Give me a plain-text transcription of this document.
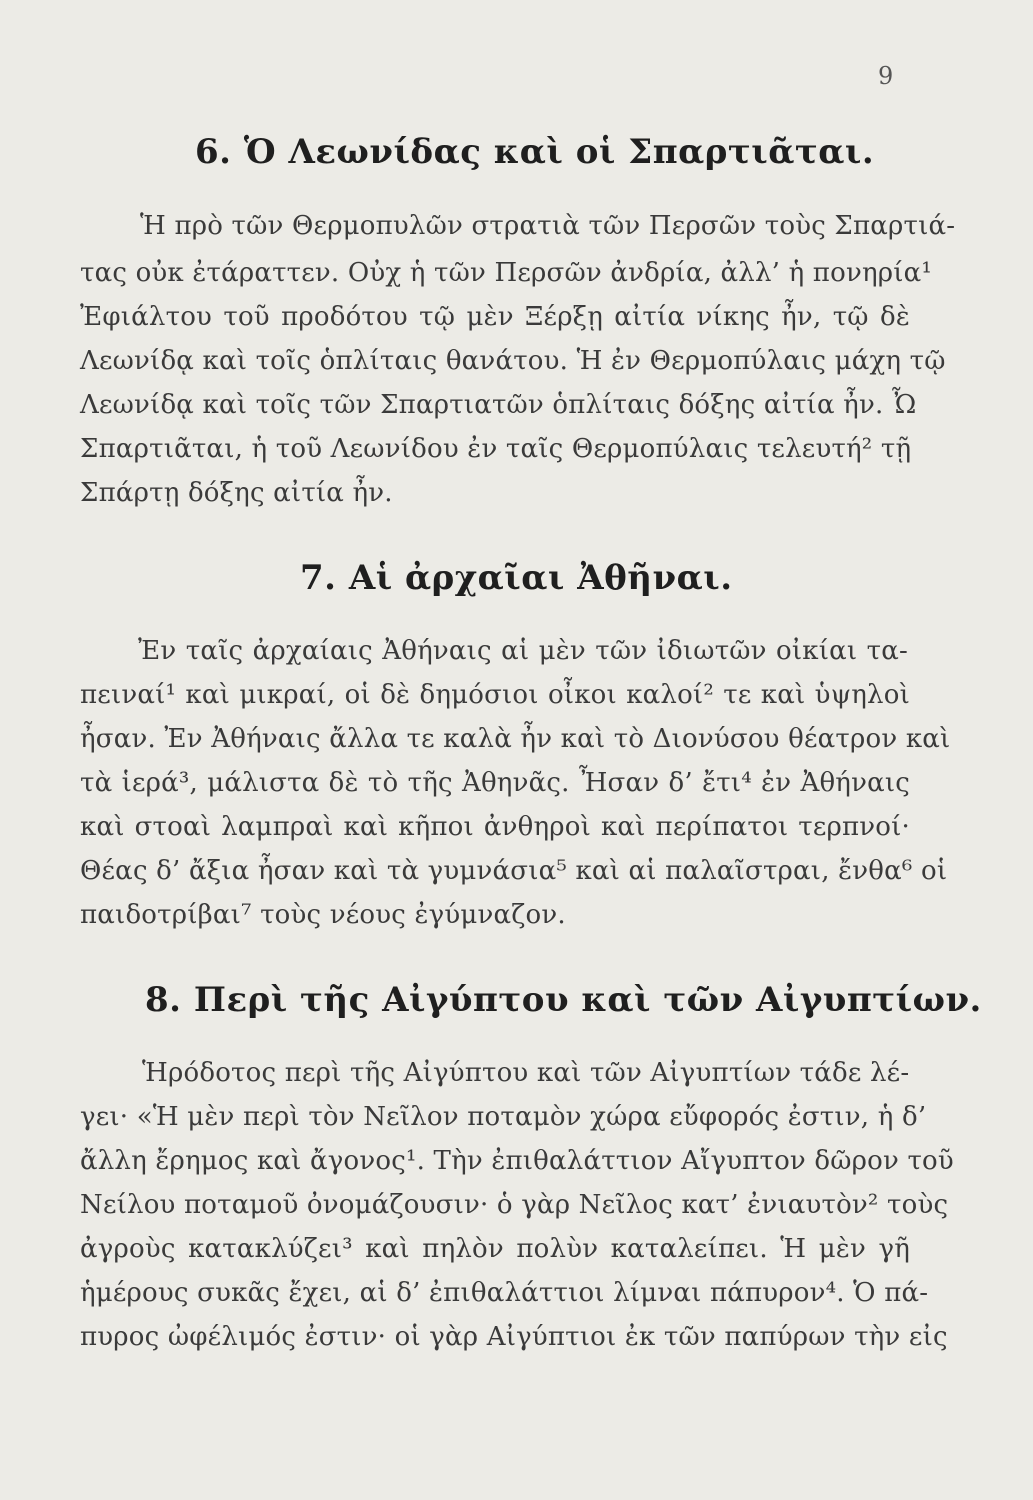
9
6. Ὁ Λεωνίδας καὶ οἱ Σπαρτιᾶται.
Ἡ πρὸ τῶν Θερμοπυλῶν στρατιὰ τῶν Περσῶν τοὺς Σπαρτιά-
τας οὐκ ἐτάραττεν. Οὐχ ἡ τῶν Περσῶν ἀνδρία, ἀλλ’ ἡ πονηρία¹
Ἐφιάλτου τοῦ προδότου τῷ μὲν Ξέρξῃ αἰτία νίκης ἦν, τῷ δὲ
Λεωνίδᾳ καὶ τοῖς ὁπλίταις θανάτου. Ἡ ἐν Θερμοπύλαις μάχη τῷ
Λεωνίδᾳ καὶ τοῖς τῶν Σπαρτιατῶν ὁπλίταις δόξης αἰτία ἦν. Ὦ
Σπαρτιᾶται, ἡ τοῦ Λεωνίδου ἐν ταῖς Θερμοπύλαις τελευτή² τῇ
Σπάρτῃ δόξης αἰτία ἦν.
7. Αἱ ἀρχαῖαι Ἀθῆναι.
Ἐν ταῖς ἀρχαίαις Ἀθήναις αἱ μὲν τῶν ἰδιωτῶν οἰκίαι τα-
πειναί¹ καὶ μικραί, οἱ δὲ δημόσιοι οἶκοι καλοί² τε καὶ ὑψηλοὶ
ἦσαν. Ἐν Ἀθήναις ἄλλα τε καλὰ ἦν καὶ τὸ Διονύσου θέατρον καὶ
τὰ ἱερά³, μάλιστα δὲ τὸ τῆς Ἀθηνᾶς. Ἦσαν δ’ ἔτι⁴ ἐν Ἀθήναις
καὶ στοαὶ λαμπραὶ καὶ κῆποι ἀνθηροὶ καὶ περίπατοι τερπνοί·
Θέας δ’ ἄξια ἦσαν καὶ τὰ γυμνάσια⁵ καὶ αἱ παλαῖστραι, ἔνθα⁶ οἱ
παιδοτρίβαι⁷ τοὺς νέους ἐγύμναζον.
8. Περὶ τῆς Αἰγύπτου καὶ τῶν Αἰγυπτίων.
Ἡρόδοτος περὶ τῆς Αἰγύπτου καὶ τῶν Αἰγυπτίων τάδε λέ-
γει· «Ἡ μὲν περὶ τὸν Νεῖλον ποταμὸν χώρα εὔφορός ἐστιν, ἡ δ’
ἄλλη ἔρημος καὶ ἄγονος¹. Τὴν ἐπιθαλάττιον Αἴγυπτον δῶρον τοῦ
Νείλου ποταμοῦ ὀνομάζουσιν· ὁ γὰρ Νεῖλος κατ’ ἐνιαυτὸν² τοὺς
ἀγροὺς κατακλύζει³ καὶ πηλὸν πολὺν καταλείπει. Ἡ μὲν γῆ
ἡμέρους συκᾶς ἔχει, αἱ δ’ ἐπιθαλάττιοι λίμναι πάπυρον⁴. Ὁ πά-
πυρος ὠφέλιμός ἐστιν· οἱ γὰρ Αἰγύπτιοι ἐκ τῶν παπύρων τὴν εἰς
